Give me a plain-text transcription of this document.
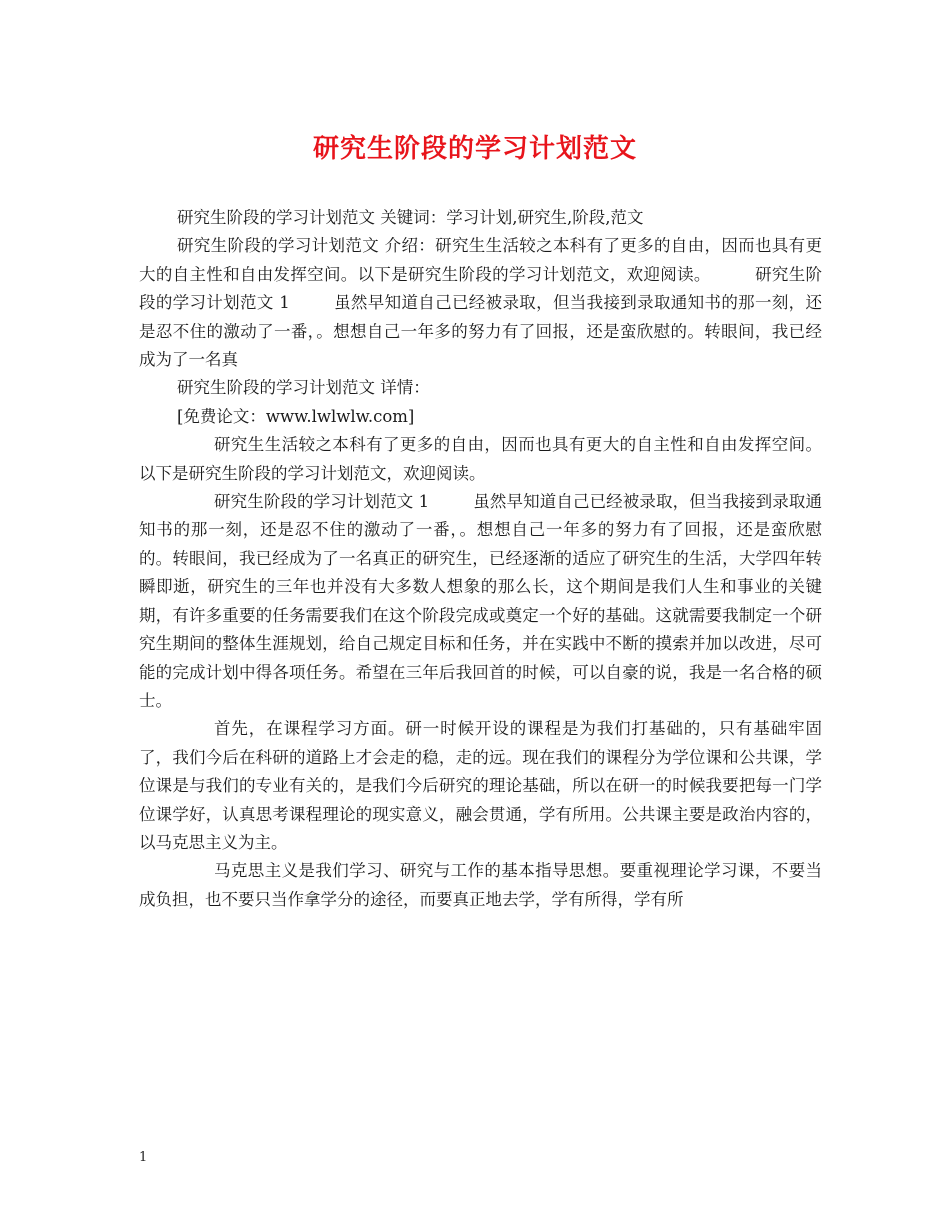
研究生阶段的学习计划范文

研究生阶段的学习计划范文 关键词：学习计划,研究生,阶段,范文

研究生阶段的学习计划范文 介绍：研究生生活较之本科有了更多的自由，因而也具有更大的自主性和自由发挥空间。以下是研究生阶段的学习计划范文，欢迎阅读。	研究生阶段的学习计划范文 1	虽然早知道自己已经被录取，但当我接到录取通知书的那一刻，还是忍不住的激动了一番，。想想自己一年多的努力有了回报，还是蛮欣慰的。转眼间，我已经成为了一名真

研究生阶段的学习计划范文 详情：

[免费论文：www.lwlwlw.com]

研究生生活较之本科有了更多的自由，因而也具有更大的自主性和自由发挥空间。以下是研究生阶段的学习计划范文，欢迎阅读。

研究生阶段的学习计划范文 1	虽然早知道自己已经被录取，但当我接到录取通知书的那一刻，还是忍不住的激动了一番，。想想自己一年多的努力有了回报，还是蛮欣慰的。转眼间，我已经成为了一名真正的研究生，已经逐渐的适应了研究生的生活，大学四年转瞬即逝，研究生的三年也并没有大多数人想象的那么长，这个期间是我们人生和事业的关键期，有许多重要的任务需要我们在这个阶段完成或奠定一个好的基础。这就需要我制定一个研究生期间的整体生涯规划，给自己规定目标和任务，并在实践中不断的摸索并加以改进，尽可能的完成计划中得各项任务。希望在三年后我回首的时候，可以自豪的说，我是一名合格的硕士。

首先，在课程学习方面。研一时候开设的课程是为我们打基础的，只有基础牢固了，我们今后在科研的道路上才会走的稳，走的远。现在我们的课程分为学位课和公共课，学位课是与我们的专业有关的，是我们今后研究的理论基础，所以在研一的时候我要把每一门学位课学好，认真思考课程理论的现实意义，融会贯通，学有所用。公共课主要是政治内容的，以马克思主义为主。

马克思主义是我们学习、研究与工作的基本指导思想。要重视理论学习课，不要当成负担，也不要只当作拿学分的途径，而要真正地去学，学有所得，学有所

1
